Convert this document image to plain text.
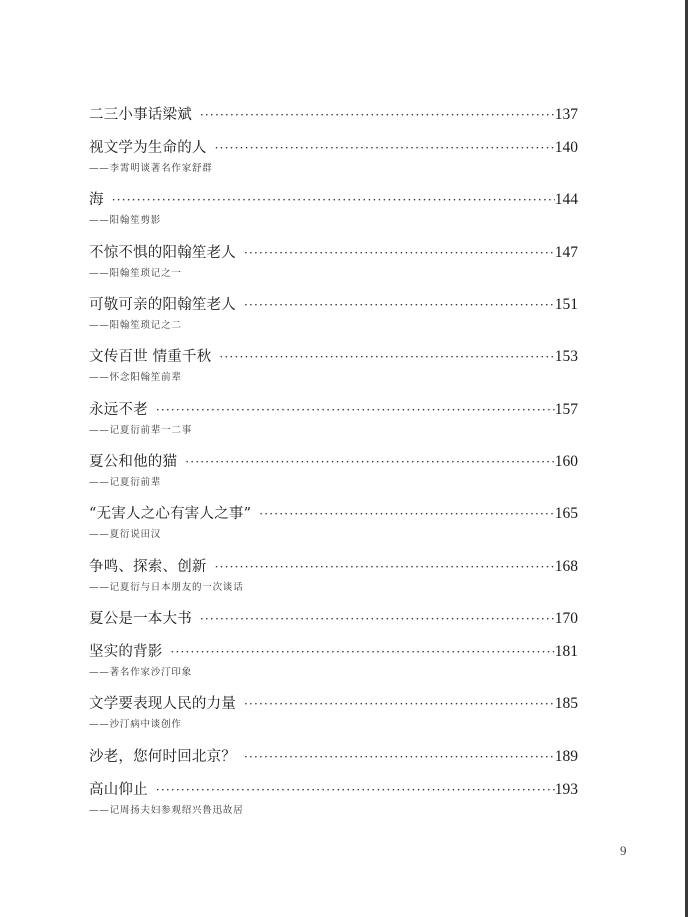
二三小事话梁斌 ·····	137
视文学为生命的人 ·····	140
——李霄明谈著名作家舒群
海 ·····	144
——阳翰笙剪影
不惊不惧的阳翰笙老人 ·····	147
——阳翰笙琐记之一
可敬可亲的阳翰笙老人 ·····	151
——阳翰笙琐记之二
文传百世 情重千秋 ·····	153
——怀念阳翰笙前辈
永远不老 ·····	157
——记夏衍前辈一二事
夏公和他的猫 ·····	160
——记夏衍前辈
“无害人之心有害人之事” ·····	165
——夏衍说田汉
争鸣、探索、创新 ·····	168
——记夏衍与日本朋友的一次谈话
夏公是一本大书 ·····	170
坚实的背影 ·····	181
——著名作家沙汀印象
文学要表现人民的力量 ·····	185
——沙汀病中谈创作
沙老，您何时回北京？ ·····	189
高山仰止 ·····	193
——记周扬夫妇参观绍兴鲁迅故居
9
